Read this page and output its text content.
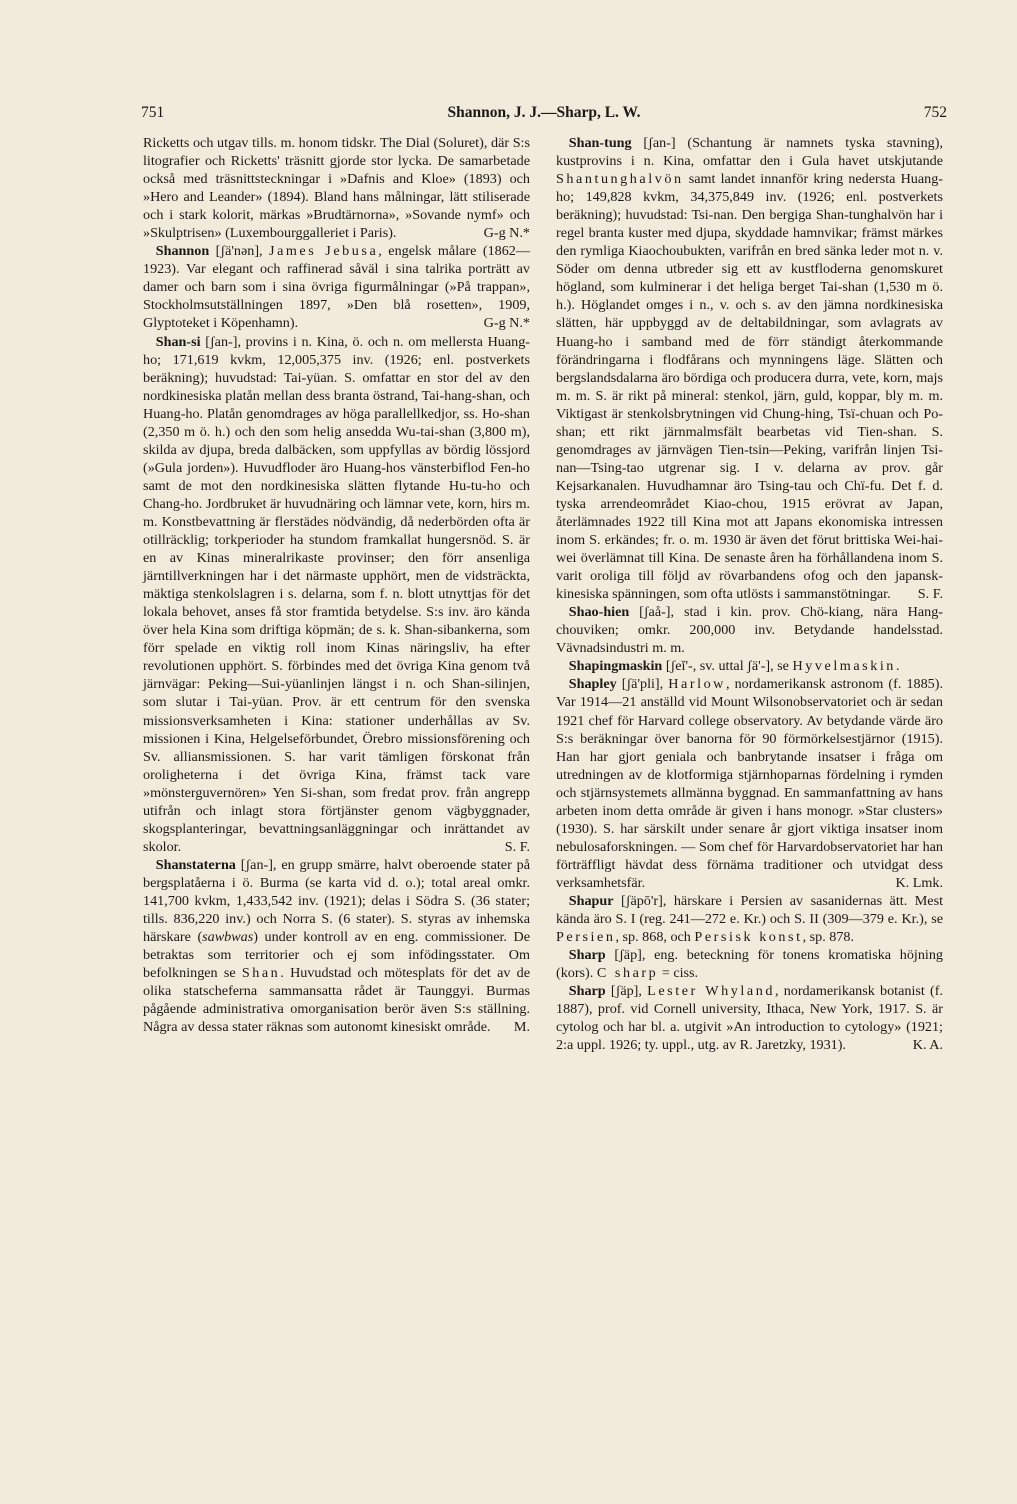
751	Shannon, J. J.—Sharp, L. W.	752

Ricketts och utgav tills. m. honom tidskr. The Dial (Soluret), där S:s litografier och Ricketts' träsnitt gjorde stor lycka. De samarbetade också med träsnittsteckningar i »Dafnis and Kloe» (1893) och »Hero and Leander» (1894). Bland hans målningar, lätt stiliserade och i stark kolorit, märkas »Brudtärnorna», »Sovande nymf» och »Skulptrisen» (Luxembourggalleriet i Paris).	G-g N.*

Shannon [ʃä'nən], James Jebusa, engelsk målare (1862—1923). Var elegant och raffinerad såväl i sina talrika porträtt av damer och barn som i sina övriga figurmålningar (»På trappan», Stockholmsutställningen 1897, »Den blå rosetten», 1909, Glyptoteket i Köpenhamn).	G-g N.*

Shan-si [ʃan-], provins i n. Kina, ö. och n. om mellersta Huang-ho; 171,619 kvkm, 12,005,375 inv. (1926; enl. postverkets beräkning); huvudstad: Tai-yüan. S. omfattar en stor del av den nordkinesiska platån mellan dess branta östrand, Tai-hang-shan, och Huang-ho. Platån genomdrages av höga parallellkedjor, ss. Ho-shan (2,350 m ö. h.) och den som helig ansedda Wu-tai-shan (3,800 m), skilda av djupa, breda dalbäcken, som uppfyllas av bördig lössjord (»Gula jorden»). Huvudfloder äro Huang-hos vänsterbiflod Fen-ho samt de mot den nordkinesiska slätten flytande Hu-tu-ho och Chang-ho. Jordbruket är huvudnäring och lämnar vete, korn, hirs m. m. Konstbevattning är flerstädes nödvändig, då nederbörden ofta är otillräcklig; torkperioder ha stundom framkallat hungersnöd. S. är en av Kinas mineralrikaste provinser; den förr ansenliga järntillverkningen har i det närmaste upphört, men de vidsträckta, mäktiga stenkolslagren i s. delarna, som f. n. blott utnyttjas för det lokala behovet, anses få stor framtida betydelse. S:s inv. äro kända över hela Kina som driftiga köpmän; de s. k. Shan-sibankerna, som förr spelade en viktig roll inom Kinas näringsliv, ha efter revolutionen upphört. S. förbindes med det övriga Kina genom två järnvägar: Peking—Sui-yüanlinjen längst i n. och Shan-silinjen, som slutar i Tai-yüan. Prov. är ett centrum för den svenska missionsverksamheten i Kina: stationer underhållas av Sv. missionen i Kina, Helgelseförbundet, Örebro missionsförening och Sv. alliansmissionen. S. har varit tämligen förskonat från oroligheterna i det övriga Kina, främst tack vare »mönsterguvernören» Yen Si-shan, som fredat prov. från angrepp utifrån och inlagt stora förtjänster genom vägbyggnader, skogsplanteringar, bevattningsanläggningar och inrättandet av skolor.	S. F.

Shanstaterna [ʃan-], en grupp smärre, halvt oberoende stater på bergsplatåerna i ö. Burma (se karta vid d. o.); total areal omkr. 141,700 kvkm, 1,433,542 inv. (1921); delas i Södra S. (36 stater; tills. 836,220 inv.) och Norra S. (6 stater). S. styras av inhemska härskare (sawbwas) under kontroll av en eng. commissioner. De betraktas som territorier och ej som infödingsstater. Om befolkningen se Shan. Huvudstad och mötesplats för det av de olika statscheferna sammansatta rådet är Taunggyi. Burmas pågående administrativa omorganisation berör även S:s ställning. Några av dessa stater räknas som autonomt kinesiskt område.	M.

Shan-tung [ʃan-] (Schantung är namnets tyska stavning), kustprovins i n. Kina, omfattar den i Gula havet utskjutande Shantunghalvön samt landet innanför kring nedersta Huang-ho; 149,828 kvkm, 34,375,849 inv. (1926; enl. postverkets beräkning); huvudstad: Tsi-nan. Den bergiga Shan-tunghalvön har i regel branta kuster med djupa, skyddade hamnvikar; främst märkes den rymliga Kiaochoubukten, varifrån en bred sänka leder mot n. v. Söder om denna utbreder sig ett av kustfloderna genomskuret högland, som kulminerar i det heliga berget Tai-shan (1,530 m ö. h.). Höglandet omges i n., v. och s. av den jämna nordkinesiska slätten, här uppbyggd av de deltabildningar, som avlagrats av Huang-ho i samband med de förr ständigt återkommande förändringarna i flodfårans och mynningens läge. Slätten och bergslandsdalarna äro bördiga och producera durra, vete, korn, majs m. m. S. är rikt på mineral: stenkol, järn, guld, koppar, bly m. m. Viktigast är stenkolsbrytningen vid Chung-hing, Tsï-chuan och Po-shan; ett rikt järnmalmsfält bearbetas vid Tien-shan. S. genomdrages av järnvägen Tien-tsin—Peking, varifrån linjen Tsi-nan—Tsing-tao utgrenar sig. I v. delarna av prov. går Kejsarkanalen. Huvudhamnar äro Tsing-tau och Chï-fu. Det f. d. tyska arrendeområdet Kiao-chou, 1915 erövrat av Japan, återlämnades 1922 till Kina mot att Japans ekonomiska intressen inom S. erkändes; fr. o. m. 1930 är även det förut brittiska Wei-hai-wei överlämnat till Kina. De senaste åren ha förhållandena inom S. varit oroliga till följd av rövarbandens ofog och den japansk-kinesiska spänningen, som ofta utlösts i sammanstötningar.	S. F.

Shao-hien [ʃaå-], stad i kin. prov. Chö-kiang, nära Hang-chouviken; omkr. 200,000 inv. Betydande handelsstad. Vävnadsindustri m. m.

Shapingmaskin [ʃeĭ'-, sv. uttal ʃä'-], se Hyvelmaskin.

Shapley [ʃä'pli], Harlow, nordamerikansk astronom (f. 1885). Var 1914—21 anställd vid Mount Wilsonobservatoriet och är sedan 1921 chef för Harvard college observatory. Av betydande värde äro S:s beräkningar över banorna för 90 förmörkelsestjärnor (1915). Han har gjort geniala och banbrytande insatser i fråga om utredningen av de klotformiga stjärnhoparnas fördelning i rymden och stjärnsystemets allmänna byggnad. En sammanfattning av hans arbeten inom detta område är given i hans monogr. »Star clusters» (1930). S. har särskilt under senare år gjort viktiga insatser inom nebulosaforskningen. — Som chef för Harvardobservatoriet har han förträffligt hävdat dess förnäma traditioner och utvidgat dess verksamhetsfär.	K. Lmk.

Shapur [ʃäpō'r], härskare i Persien av sasanidernas ätt. Mest kända äro S. I (reg. 241—272 e. Kr.) och S. II (309—379 e. Kr.), se Persien, sp. 868, och Persisk konst, sp. 878.

Sharp [ʃäp], eng. beteckning för tonens kromatiska höjning (kors). C sharp = ciss.

Sharp [ʃäp], Lester Whyland, nordamerikansk botanist (f. 1887), prof. vid Cornell university, Ithaca, New York, 1917. S. är cytolog och har bl. a. utgivit »An introduction to cytology» (1921; 2:a uppl. 1926; ty. uppl., utg. av R. Jaretzky, 1931).	K. A.
